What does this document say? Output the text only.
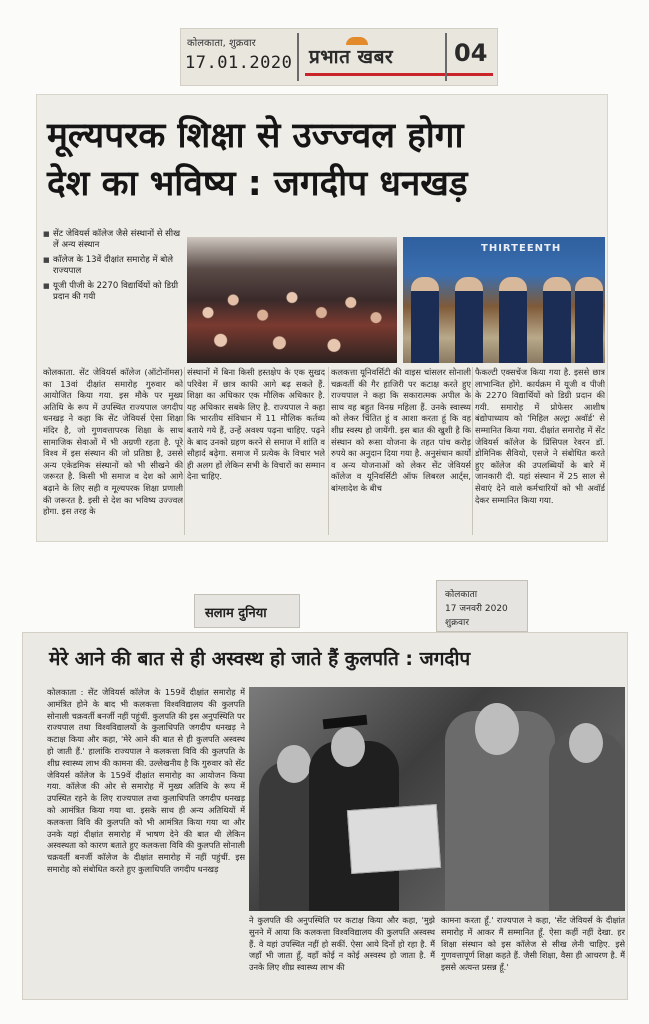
कोलकाता, शुक्रवार
17.01.2020 प्रभात खबर	04
मूल्यपरक शिक्षा से उज्ज्वल होगा
देश का भविष्य : जगदीप धनखड़
■ सेंट जेवियर्स कॉलेज जैसे संस्थानों से सीख लें अन्य संस्थान
■ कॉलेज के 13वें दीक्षांत समारोह में बोले राज्यपाल
■ यूजी पीजी के 2270 विद्यार्थियों को डिग्री प्रदान की गयी
THIRTEENTH
कोलकाता. सेंट जेवियर्स कॉलेज (ऑटोनॉमस) का 13वां दीक्षांत समारोह गुरुवार को आयोजित किया गया. इस मौके पर मुख्य अतिथि के रूप में उपस्थित राज्यपाल जगदीप धनखड़ ने कहा कि सेंट जेवियर्स ऐसा शिक्षा मंदिर है, जो गुणवत्तापरक शिक्षा के साथ सामाजिक सेवाओं में भी अग्रणी रहता है. पूरे विश्व में इस संस्थान की जो प्रतिष्ठा है, उससे अन्य एकेडमिक संस्थानों को भी सीखने की जरूरत है. किसी भी समाज व देश को आगे बढ़ाने के लिए सही व मूल्यपरक शिक्षा प्रणाली की जरूरत है. इसी से देश का भविष्य उज्ज्वल होगा. इस तरह के
संस्थानों में बिना किसी हस्तक्षेप के एक सुखद परिवेश में छात्र काफी आगे बढ़ सकते हैं. शिक्षा का अधिकार एक मौलिक अधिकार है. यह अधिकार सबके लिए है. राज्यपाल ने कहा कि भारतीय संविधान में 11 मौलिक कर्तव्य बताये गये हैं, उन्हें अवश्य पढ़ना चाहिए. पढ़ने के बाद उनको ग्रहण करने से समाज में शांति व सौहार्द बढ़ेगा. समाज में प्रत्येक के विचार भले ही अलग हों लेकिन सभी के विचारों का सम्मान देना चाहिए.
कलकत्ता यूनिवर्सिटी की वाइस चांसलर सोनाली चक्रवर्ती की गैर हाजिरी पर कटाक्ष करते हुए राज्यपाल ने कहा कि सकारात्मक अपील के साथ वह बहुत विनम्र महिला हैं. उनके स्वास्थ्य को लेकर चिंतित हूं व आशा करता हूं कि वह शीघ्र स्वस्थ हो जायेंगी. इस बात की खुशी है कि संस्थान को रूसा योजना के तहत पांच करोड़ रुपये का अनुदान दिया गया है. अनुसंधान कार्यों व अन्य योजनाओं को लेकर सेंट जेवियर्स कॉलेज व यूनिवर्सिटी ऑफ लिबरल आर्ट्स, बांग्लादेश के बीच
फैकल्टी एक्सचेंज किया गया है. इससे छात्र लाभान्वित होंगे. कार्यक्रम में यूजी व पीजी के 2270 विद्यार्थियों को डिग्री प्रदान की गयी. समारोह में प्रोफेसर आशीष बंद्योपाध्याय को 'मिहिल अल्ट्रा अवॉर्ड' से सम्मानित किया गया. दीक्षांत समारोह में सेंट जेवियर्स कॉलेज के प्रिंसिपल रेवरन डॉ. डोमिनिक सैवियो, एसजे ने संबोधित करते हुए कॉलेज की उपलब्धियों के बारे में जानकारी दी. यहां संस्थान में 25 साल से सेवाएं देने वाले कर्मचारियों को भी अवॉर्ड देकर सम्मानित किया गया.
सलाम दुनिया
कोलकाता
17 जनवरी 2020
शुक्रवार
मेरे आने की बात से ही अस्वस्थ हो जाते हैं कुलपति : जगदीप
कोलकाता : सेंट जेवियर्स कॉलेज के 159वें दीक्षांत समारोह में आमंत्रित होने के बाद भी कलकत्ता विश्वविद्यालय की कुलपति सोनाली चक्रवर्ती बनर्जी नहीं पहुंचीं. कुलपति की इस अनुपस्थिति पर राज्यपाल तथा विश्वविद्यालयों के कुलाधिपति जगदीप धनखड़ ने कटाक्ष किया और कहा, 'मेरे आने की बात से ही कुलपति अस्वस्थ हो जाती हैं.' हालांकि राज्यपाल ने कलकत्ता विवि की कुलपति के शीघ्र स्वास्थ्य लाभ की कामना की. उल्लेखनीय है कि गुरुवार को सेंट जेवियर्स कॉलेज के 159वें दीक्षांत समारोह का आयोजन किया गया. कॉलेज की ओर से समारोह में मुख्य अतिथि के रूप में उपस्थित रहने के लिए राज्यपाल तथा कुलाधिपति जगदीप धनखड़ को आमंत्रित किया गया था. इसके साथ ही अन्य अतिथियों में कलकत्ता विवि की कुलपति को भी आमंत्रित किया गया था और उनके यहां दीक्षांत समारोह में भाषण देने की बात थी लेकिन अस्वस्थता को कारण बताते हुए कलकत्ता विवि की कुलपति सोनाली चक्रवर्ती बनर्जी कॉलेज के दीक्षांत समारोह में नहीं पहुंचीं. इस समारोह को संबोधित करते हुए कुलाधिपति जगदीप धनखड़
ने कुलपति की अनुपस्थिति पर कटाक्ष किया और कहा, 'मुझे सुनने में आया कि कलकत्ता विश्वविद्यालय की कुलपति अस्वस्थ हैं. वे यहां उपस्थित नहीं हो सकीं. ऐसा आये दिनों हो रहा है. मैं जहाँ भी जाता हूँ, वहाँ कोई न कोई अस्वस्थ हो जाता है. मैं उनके लिए शीघ्र स्वास्थ्य लाभ की
कामना करता हूँ.' राज्यपाल ने कहा, 'सेंट जेवियर्स के दीक्षांत समारोह में आकर मैं सम्मानित हूँ. ऐसा कहीं नहीं देखा. हर शिक्षा संस्थान को इस कॉलेज से सीख लेनी चाहिए. इसे गुणवत्तापूर्ण शिक्षा कहते हैं. जैसी शिक्षा, वैसा ही आचरण है. मैं इससे अत्यन्त प्रसन्न हूँ.'
